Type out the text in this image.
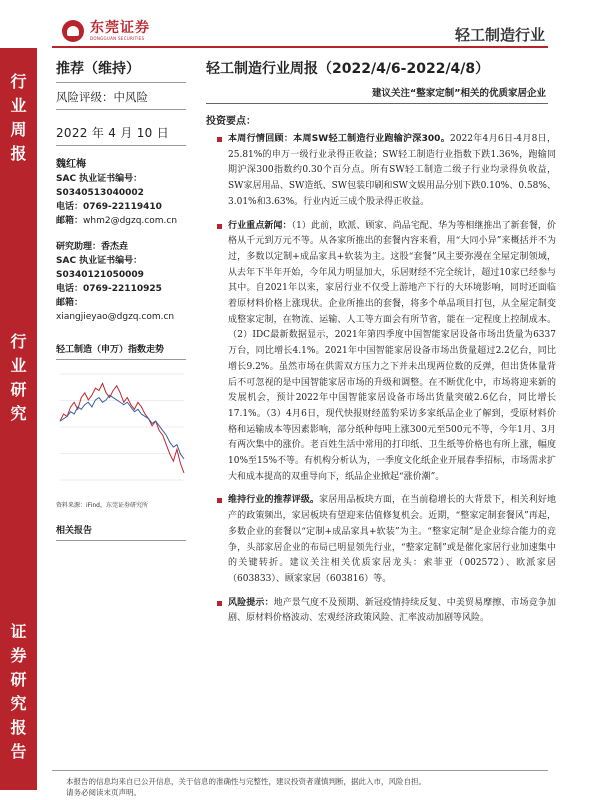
东莞证券
DONGGUAN SECURITIES	轻工制造行业
行
业
周
报
行
业
研
究
证
券
研
究
报
告
推荐（维持）
风险评级：中风险
2022 年 4 月 10 日
魏红梅
SAC 执业证书编号：
S0340513040002
电话：0769-22119410
邮箱：whm2@dgzq.com.cn
研究助理：香杰垚
SAC 执业证书编号：
S0340121050009
电话：0769-22110925
邮箱：
xiangjieyao@dgzq.com.cn
轻工制造（申万）指数走势
资料来源：iFind，东莞证券研究所
相关报告
轻工制造行业周报（2022/4/6-2022/4/8）
建议关注“整家定制”相关的优质家居企业
投资要点：

本周行情回顾：本周SW轻工制造行业跑输沪深300。2022年4月6日-4月8日，25.81%的申万一级行业录得正收益；SW轻工制造行业指数下跌1.36%，跑输同期沪深300指数约0.30个百分点。所有SW轻工制造二级子行业均录得负收益，SW家居用品、SW造纸、SW包装印刷和SW文娱用品分别下跌0.10%、0.58%、3.01%和3.63%。行业内近三成个股录得正收益。

行业重点新闻：（1）此前，欧派、顾家、尚品宅配、华为等相继推出了新套餐，价格从千元到万元不等。从各家所推出的套餐内容来看，用“大同小异”来概括并不为过，多数以定制+成品家具+软装为主。这股“套餐”风主要弥漫在全屋定制领域，从去年下半年开始，今年风力明显加大，乐居财经不完全统计，超过10家已经参与其中。自2021年以来，家居行业不仅受上游地产下行的大环境影响，同时还面临着原材料价格上涨现状。企业所推出的套餐，将多个单品项目打包，从全屋定制变成整家定制，在物流、运输、人工等方面会有所节省，能在一定程度上控制成本。（2）IDC最新数据显示，2021年第四季度中国智能家居设备市场出货量为6337万台，同比增长4.1%。2021年中国智能家居设备市场出货量超过2.2亿台，同比增长9.2%。虽然市场在供需双方压力之下并未出现两位数的反弹，但出货体量背后不可忽视的是中国智能家居市场的升级和调整。在不断优化中，市场将迎来新的发展机会，预计2022年中国智能家居设备市场出货量突破2.6亿台，同比增长17.1%。（3）4月6日，现代快报财经蓝豹采访多家纸品企业了解到，受原材料价格和运输成本等因素影响，部分纸种每吨上涨300元至500元不等，今年1月、3月有两次集中的涨价。老百姓生活中常用的打印纸、卫生纸等价格也有所上涨，幅度10%至15%不等。有机构分析认为，一季度文化纸企业开展春季招标，市场需求扩大和成本提高的双重导向下，纸品企业掀起“涨价潮”。

维持行业的推荐评级。家居用品板块方面，在当前稳增长的大背景下，相关利好地产的政策频出，家居板块有望迎来估值修复机会。近期，“整家定制套餐风”再起，多数企业的套餐以“定制+成品家具+软装”为主。“整家定制”是企业综合能力的竞争，头部家居企业的布局已明显领先行业，“整家定制”或是催化家居行业加速集中的关键转折。建议关注相关优质家居龙头：索菲亚（002572）、欧派家居（603833）、顾家家居（603816）等。

风险提示：地产景气度不及预期、新冠疫情持续反复、中美贸易摩擦、市场竞争加剧、原材料价格波动、宏观经济政策风险、汇率波动加剧等风险。

本报告的信息均来自已公开信息，关于信息的准确性与完整性，建议投资者谨慎判断，据此入市，风险自担。
请务必阅读末页声明。
